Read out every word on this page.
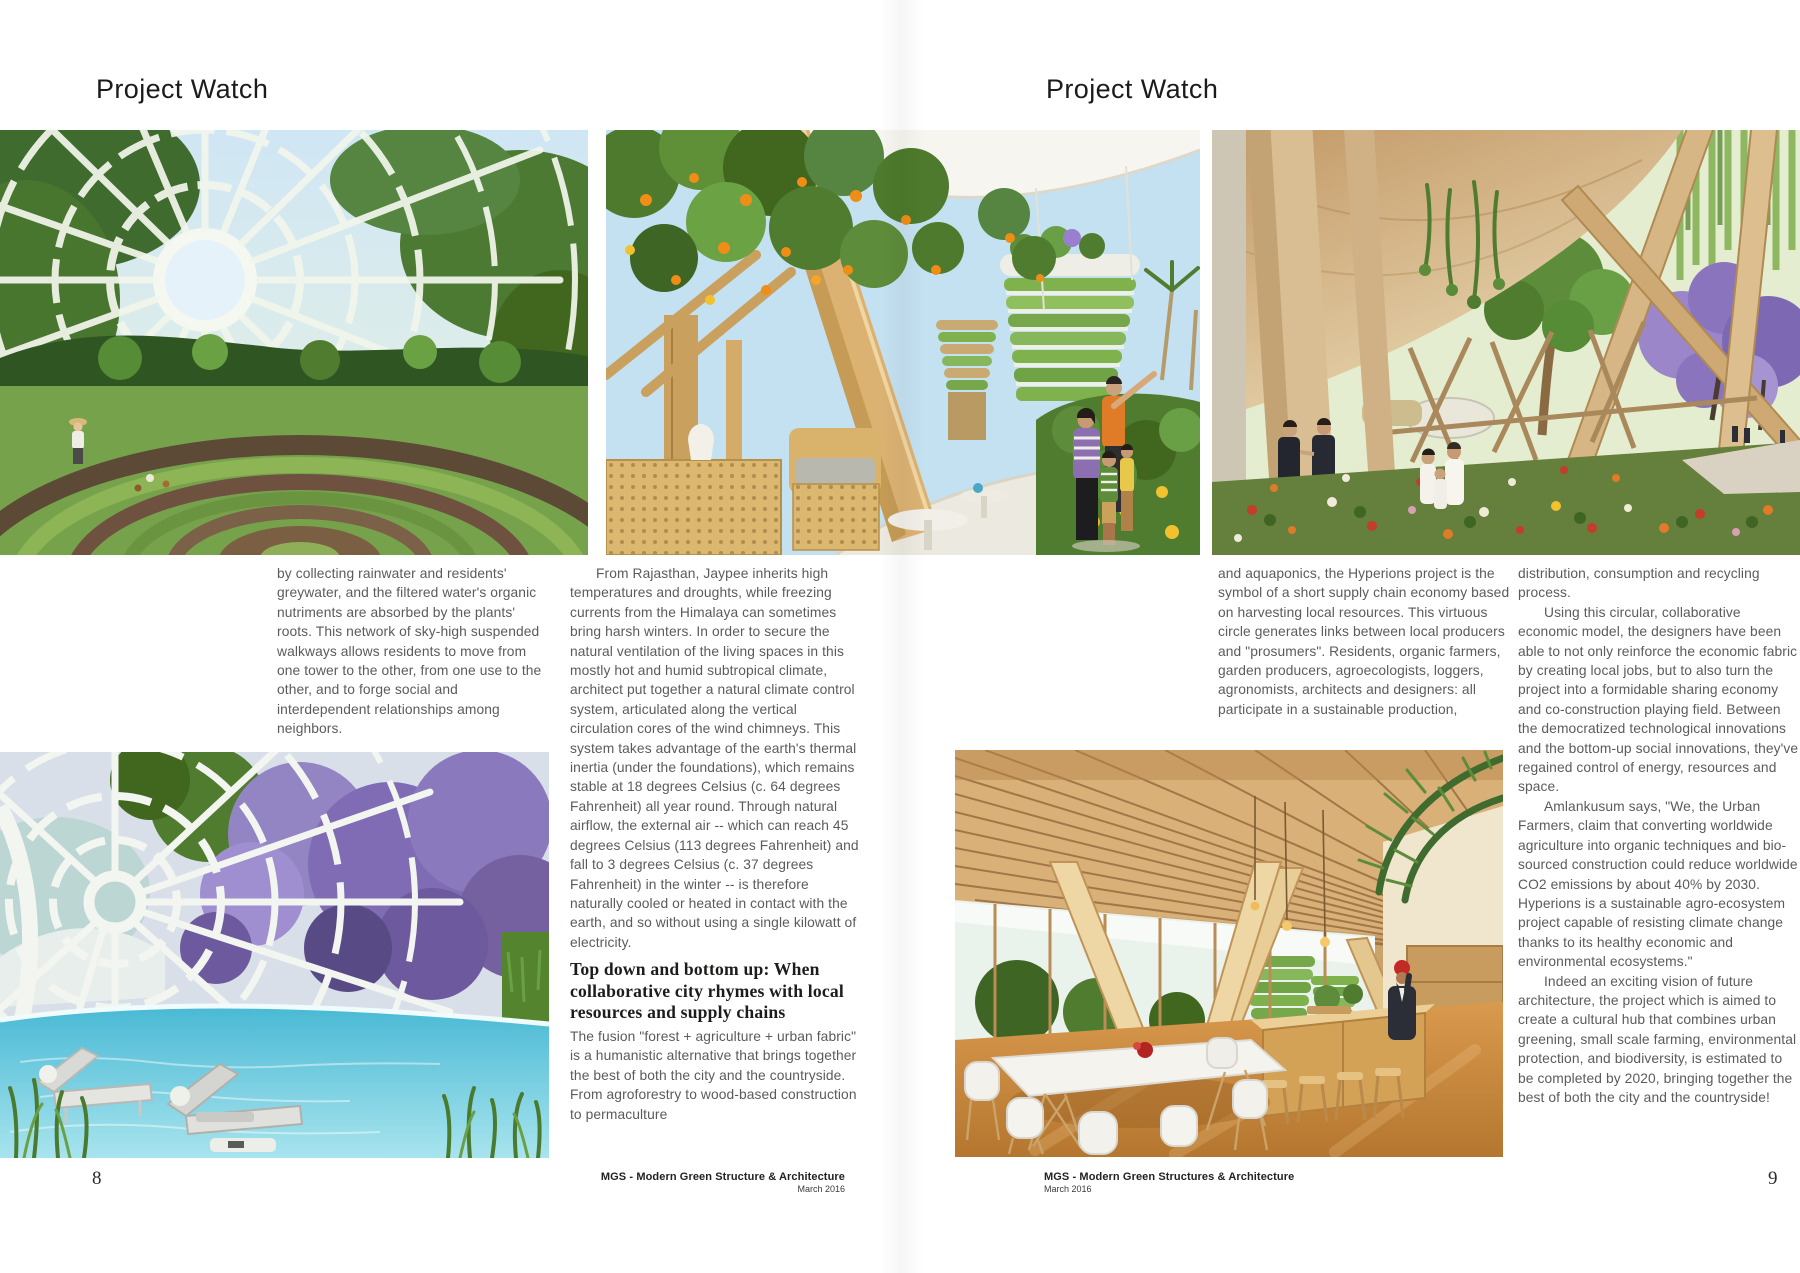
Project Watch

by collecting rainwater and residents' greywater, and the filtered water's organic nutriments are absorbed by the plants' roots. This network of sky-high suspended walkways allows residents to move from one tower to the other, from one use to the other, and to forge social and interdependent relationships among neighbors.

From Rajasthan, Jaypee inherits high temperatures and droughts, while freezing currents from the Himalaya can sometimes bring harsh winters. In order to secure the natural ventilation of the living spaces in this mostly hot and humid subtropical climate, architect put together a natural climate control system, articulated along the vertical circulation cores of the wind chimneys. This system takes advantage of the earth's thermal inertia (under the foundations), which remains stable at 18 degrees Celsius (c. 64 degrees Fahrenheit) all year round. Through natural airflow, the external air -- which can reach 45 degrees Celsius (113 degrees Fahrenheit) and fall to 3 degrees Celsius (c. 37 degrees Fahrenheit) in the winter -- is therefore naturally cooled or heated in contact with the earth, and so without using a single kilowatt of electricity.

Top down and bottom up: When collaborative city rhymes with local resources and supply chains

The fusion "forest + agriculture + urban fabric" is a humanistic alternative that brings together the best of both the city and the countryside. From agroforestry to wood-based construction to permaculture

8	MGS - Modern Green Structure & Architecture
March 2016
Project Watch

and aquaponics, the Hyperions project is the symbol of a short supply chain economy based on harvesting local resources. This virtuous circle generates links between local producers and "prosumers". Residents, organic farmers, garden producers, agroecologists, loggers, agronomists, architects and designers: all participate in a sustainable production,

distribution, consumption and recycling process.

Using this circular, collaborative economic model, the designers have been able to not only reinforce the economic fabric by creating local jobs, but to also turn the project into a formidable sharing economy and co-construction playing field. Between the democratized technological innovations and the bottom-up social innovations, they've regained control of energy, resources and space.

Amlankusum says, "We, the Urban Farmers, claim that converting worldwide agriculture into organic techniques and bio-sourced construction could reduce worldwide CO2 emissions by about 40% by 2030. Hyperions is a sustainable agro-ecosystem project capable of resisting climate change thanks to its healthy economic and environmental ecosystems."

Indeed an exciting vision of future architecture, the project which is aimed to create a cultural hub that combines urban greening, small scale farming, environmental protection, and biodiversity, is estimated to be completed by 2020, bringing together the best of both the city and the countryside!

9
MGS - Modern Green Structures & Architecture
March 2016
